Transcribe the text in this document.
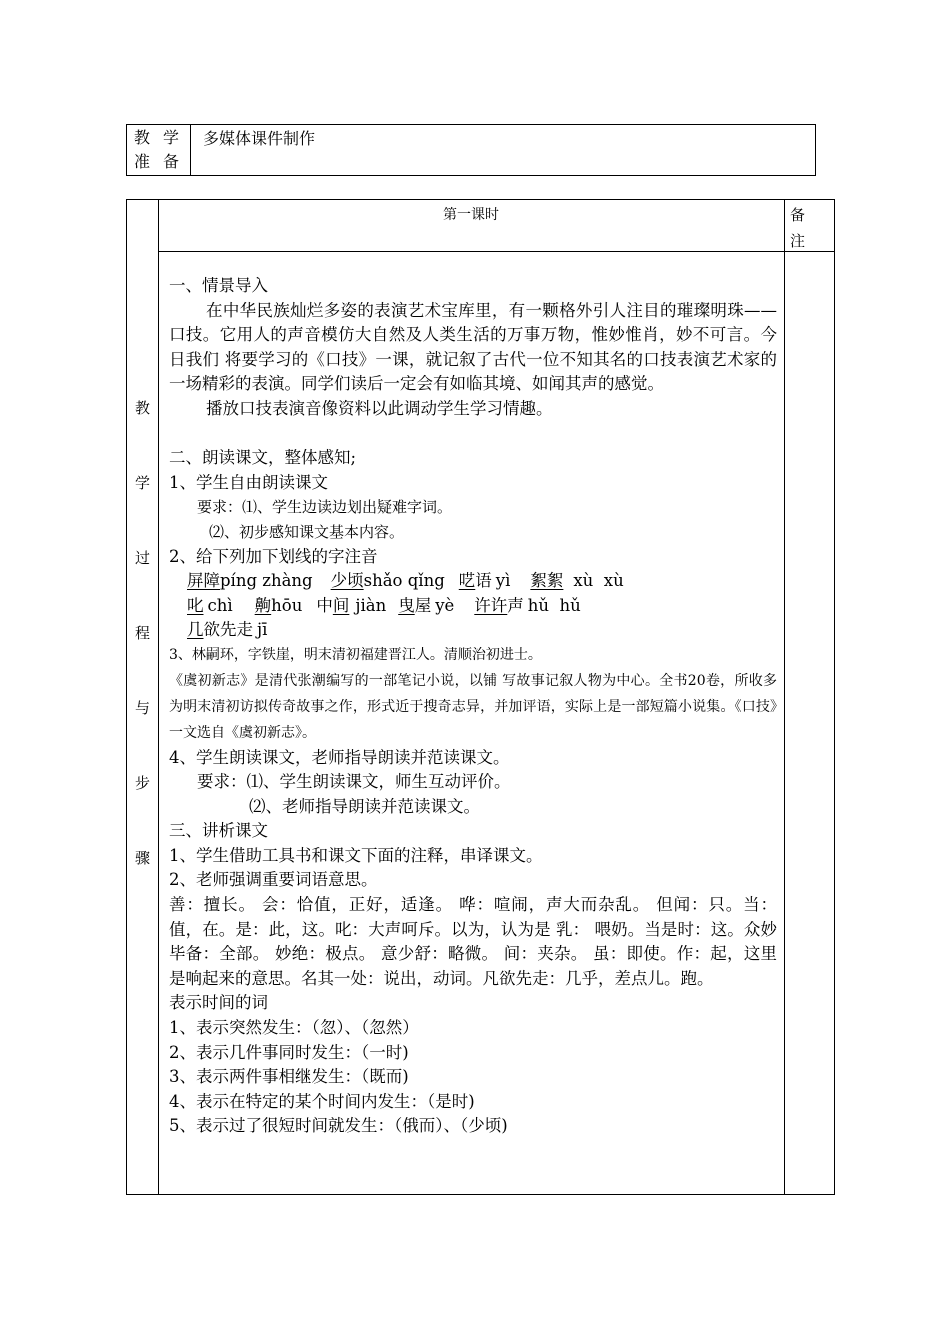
教 学
准 备
多媒体课件制作
教
学
过
程
与
步
骤
第一课时	备
注

一、情景导入

在中华民族灿烂多姿的表演艺术宝库里，有一颗格外引人注目的璀璨明珠——口技。它用人的声音模仿大自然及人类生活的万事万物，惟妙惟肖，妙不可言。今日我们 将要学习的《口技》一课，就记叙了古代一位不知其名的口技表演艺术家的一场精彩的表演。同学们读后一定会有如临其境、如闻其声的感觉。

播放口技表演音像资料以此调动学生学习情趣。

二、朗读课文，整体感知;

1、学生自由朗读课文

要求：⑴、学生边读边划出疑难字词。

⑵、初步感知课文基本内容。

2、给下列加下划线的字注音

屏障píng zhàng 少顷shǎo qǐng 呓语 yì 絮絮 xù  xù

叱 chì 齁hōu 中间 jiàn 曳屋 yè 许许声 hǔ  hǔ

几欲先走 jī

3、林嗣环，字铁崖，明末清初福建晋江人。清顺治初进士。

《虞初新志》是清代张潮编写的一部笔记小说，以铺 写故事记叙人物为中心。全书20卷，所收多为明末清初访拟传奇故事之作，形式近于搜奇志异，并加评语，实际上是一部短篇小说集。《口技》一文选自《虞初新志》。

4、学生朗读课文，老师指导朗读并范读课文。

要求：⑴、学生朗读课文，师生互动评价。

⑵、老师指导朗读并范读课文。

三、讲析课文

1、学生借助工具书和课文下面的注释，串译课文。

2、老师强调重要词语意思。

善：擅长。 会：恰值，正好，适逢。 哗：喧闹，声大而杂乱。 但闻：只。当：值，在。是：此，这。叱：大声呵斥。以为，认为是 乳： 喂奶。当是时：这。众妙毕备：全部。 妙绝：极点。 意少舒：略微。 间：夹杂。 虽：即使。作：起，这里是响起来的意思。名其一处：说出，动词。凡欲先走：几乎，差点儿。跑。

表示时间的词

1、表示突然发生：（忽）、（忽然）

2、表示几件事同时发生：（一时)

3、表示两件事相继发生：（既而)

4、表示在特定的某个时间内发生：（是时)

5、表示过了很短时间就发生：（俄而）、（少顷)
